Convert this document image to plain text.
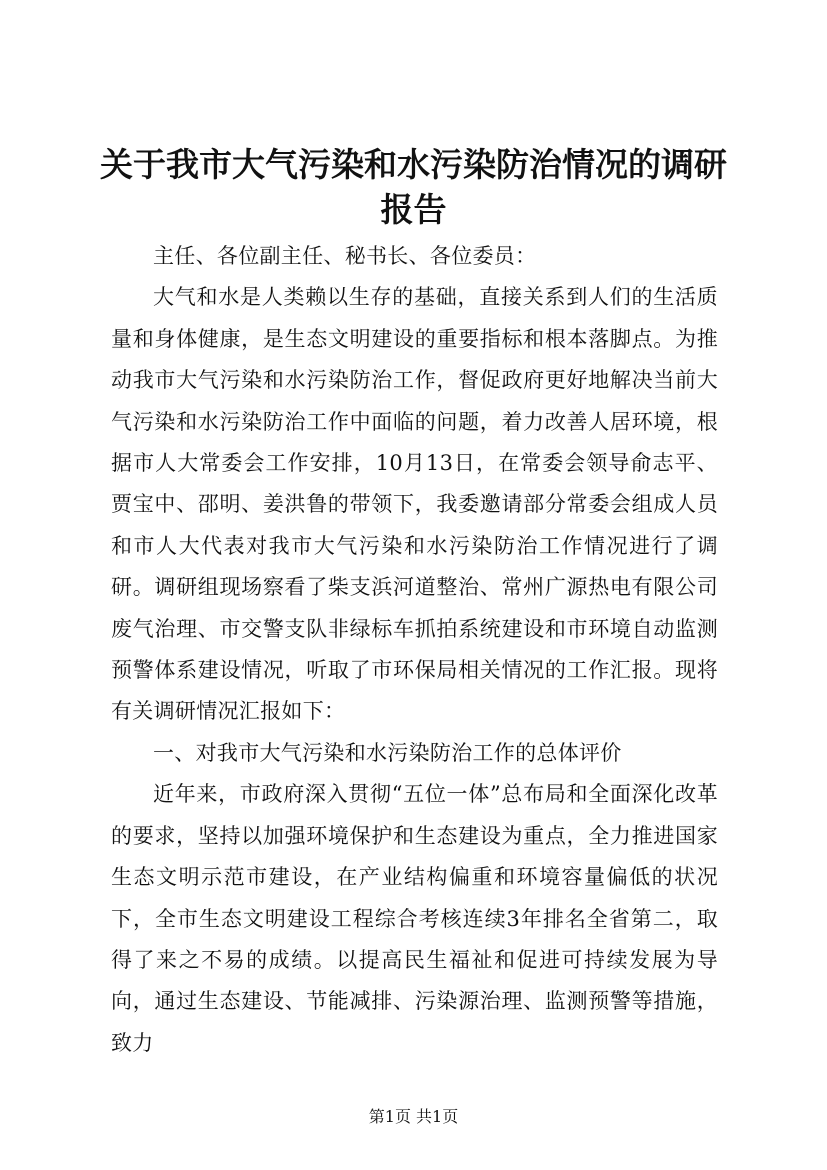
关于我市大气污染和水污染防治情况的调研报告

主任、各位副主任、秘书长、各位委员：

大气和水是人类赖以生存的基础，直接关系到人们的生活质量和身体健康，是生态文明建设的重要指标和根本落脚点。为推动我市大气污染和水污染防治工作，督促政府更好地解决当前大气污染和水污染防治工作中面临的问题，着力改善人居环境，根据市人大常委会工作安排，10月13日，在常委会领导俞志平、贾宝中、邵明、姜洪鲁的带领下，我委邀请部分常委会组成人员和市人大代表对我市大气污染和水污染防治工作情况进行了调研。调研组现场察看了柴支浜河道整治、常州广源热电有限公司废气治理、市交警支队非绿标车抓拍系统建设和市环境自动监测预警体系建设情况，听取了市环保局相关情况的工作汇报。现将有关调研情况汇报如下：

一、对我市大气污染和水污染防治工作的总体评价

近年来，市政府深入贯彻“五位一体”总布局和全面深化改革的要求，坚持以加强环境保护和生态建设为重点，全力推进国家生态文明示范市建设，在产业结构偏重和环境容量偏低的状况下，全市生态文明建设工程综合考核连续3年排名全省第二，取得了来之不易的成绩。以提高民生福祉和促进可持续发展为导向，通过生态建设、节能减排、污染源治理、监测预警等措施，致力

第1页 共1页
